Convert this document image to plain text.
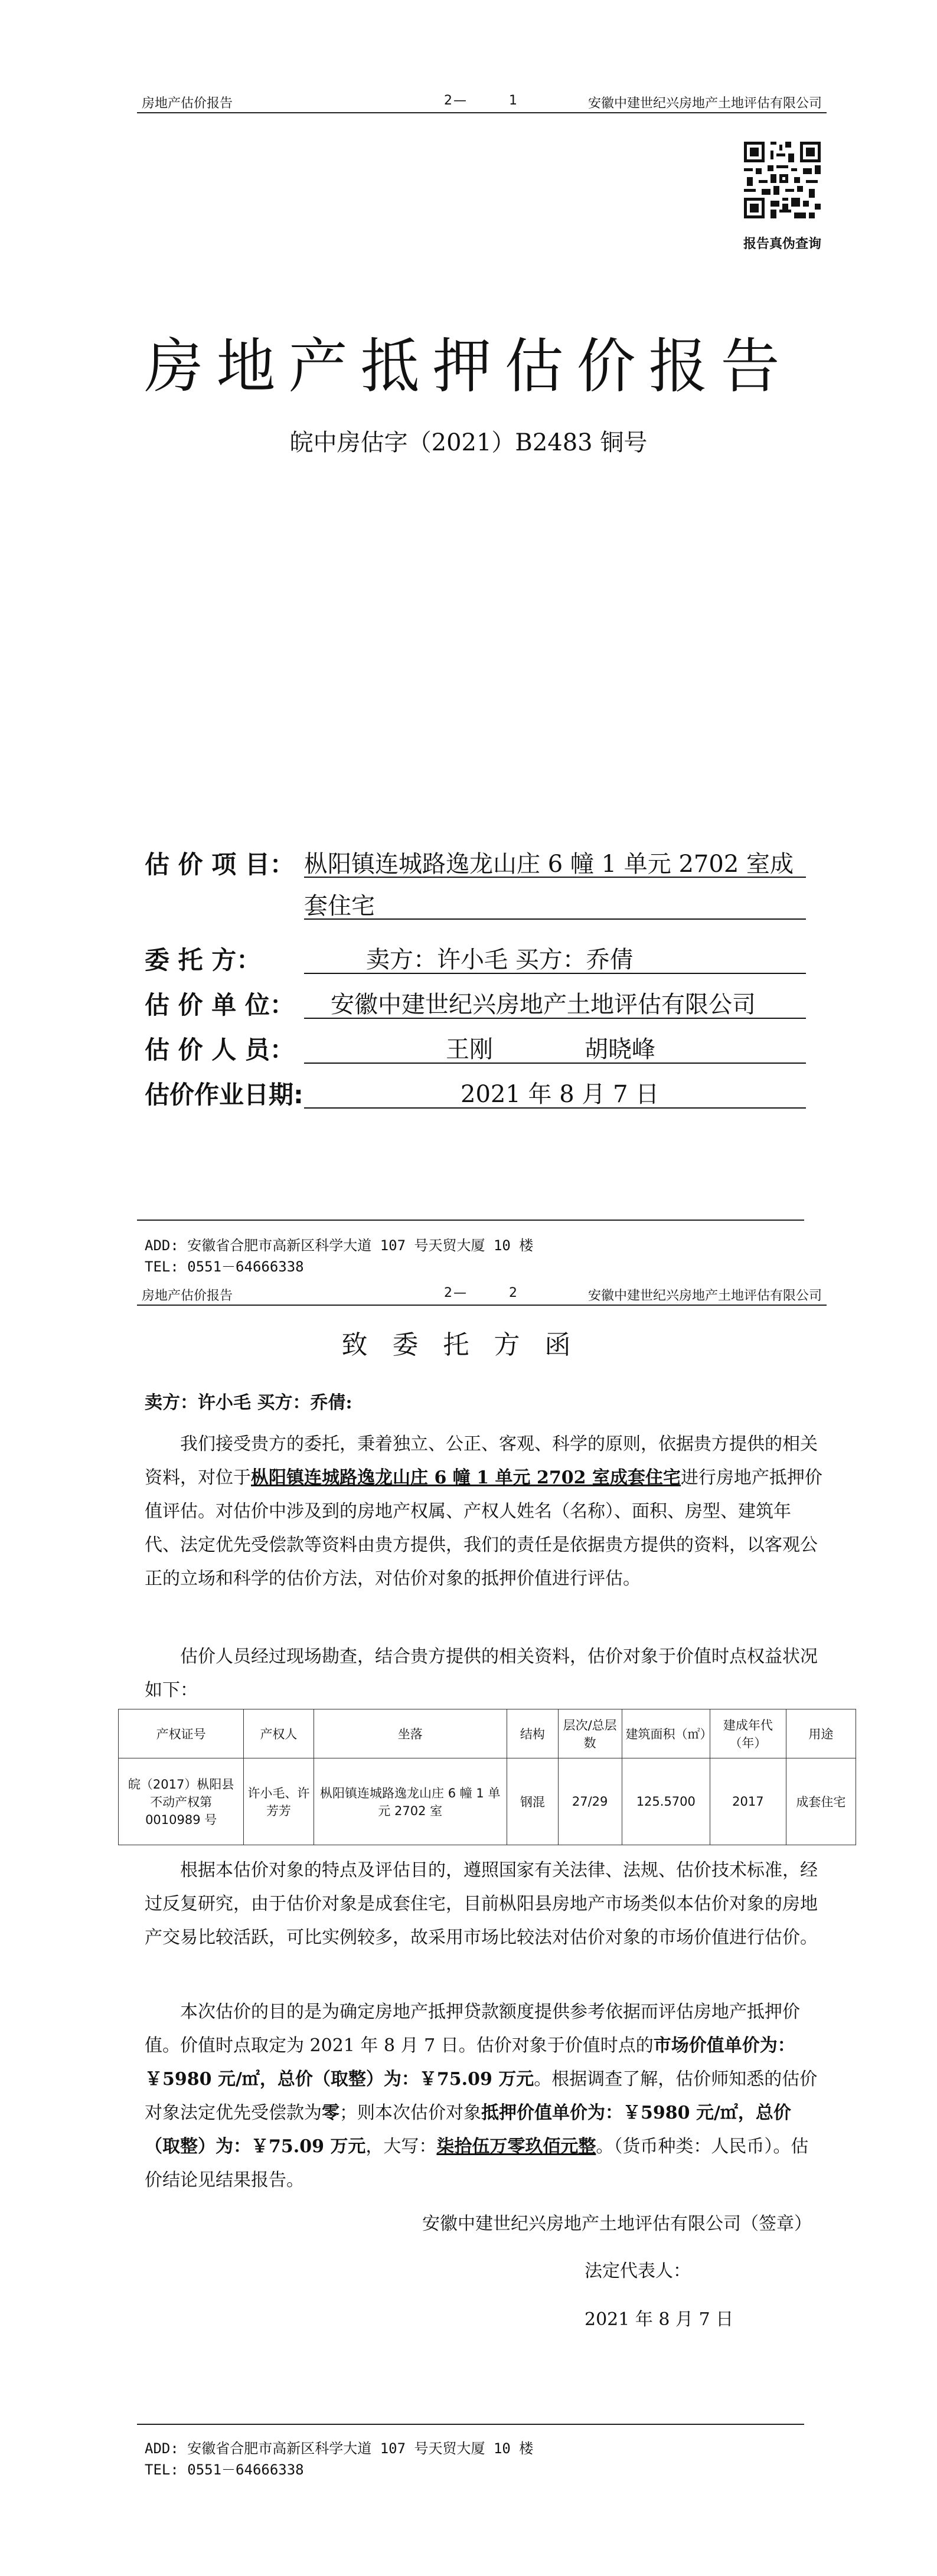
房地产估价报告	2—	1	安徽中建世纪兴房地产土地评估有限公司
报告真伪查询
房地产抵押估价报告
皖中房估字（2021）B2483 铜号
估 价 项 目： 枞阳镇连城路逸龙山庄 6 幢 1 单元 2702 室成
套住宅
委 托 方：	卖方：许小毛 买方：乔倩
估 价 单 位： 安徽中建世纪兴房地产土地评估有限公司
估 价 人 员：	王刚	胡晓峰
估价作业日期:	2021 年 8 月 7 日
ADD: 安徽省合肥市高新区科学大道 107 号天贸大厦 10 楼
TEL: 0551－64666338
房地产估价报告	2—	2	安徽中建世纪兴房地产土地评估有限公司
致委托方函
卖方：许小毛 买方：乔倩:
我们接受贵方的委托，秉着独立、公正、客观、科学的原则，依据贵方提供的相关资料，对位于枞阳镇连城路逸龙山庄 6 幢 1 单元 2702 室成套住宅进行房地产抵押价值评估。对估价中涉及到的房地产权属、产权人姓名（名称）、面积、房型、建筑年代、法定优先受偿款等资料由贵方提供，我们的责任是依据贵方提供的资料，以客观公正的立场和科学的估价方法，对估价对象的抵押价值进行评估。
估价人员经过现场勘查，结合贵方提供的相关资料，估价对象于价值时点权益状况如下：
产权证号	产权人	坐落	结构	层次/总层数	建筑面积（㎡）	建成年代（年）	用途
皖（2017）枞阳县不动产权第 0010989 号	许小毛、许芳芳	枞阳镇连城路逸龙山庄 6 幢 1 单元 2702 室	钢混	27/29	125.5700	2017	成套住宅
根据本估价对象的特点及评估目的，遵照国家有关法律、法规、估价技术标准，经过反复研究，由于估价对象是成套住宅，目前枞阳县房地产市场类似本估价对象的房地产交易比较活跃，可比实例较多，故采用市场比较法对估价对象的市场价值进行估价。
本次估价的目的是为确定房地产抵押贷款额度提供参考依据而评估房地产抵押价值。价值时点取定为 2021 年 8 月 7 日。估价对象于价值时点的市场价值单价为：￥5980 元/㎡，总价（取整）为：￥75.09 万元。根据调查了解，估价师知悉的估价对象法定优先受偿款为零；则本次估价对象抵押价值单价为：￥5980 元/㎡，总价（取整）为：￥75.09 万元，大写：柒拾伍万零玖佰元整。（货币种类：人民币）。估价结论见结果报告。
安徽中建世纪兴房地产土地评估有限公司（签章）
法定代表人：
2021 年 8 月 7 日
ADD: 安徽省合肥市高新区科学大道 107 号天贸大厦 10 楼
TEL: 0551－64666338
